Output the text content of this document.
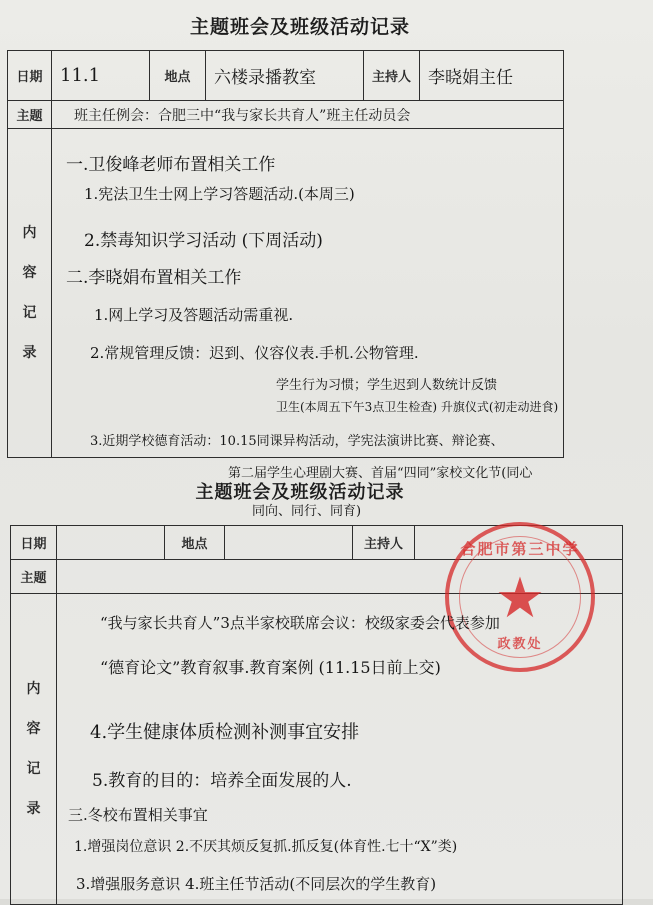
主题班会及班级活动记录
日期	11.1	地点	六楼录播教室	主持人	李晓娟主任
主题	班主任例会：合肥三中“我与家长共育人”班主任动员会				

内
容
记
录					

一.卫俊峰老师布置相关工作
1.宪法卫生士网上学习答题活动.(本周三)
2.禁毒知识学习活动 (下周活动)
二.李晓娟布置相关工作
1.网上学习及答题活动需重视.
2.常规管理反馈：迟到、仪容仪表.手机.公物管理.
学生行为习惯；学生迟到人数统计反馈
卫生(本周五下午3点卫生检查) 升旗仪式(初走动进食)
3.近期学校德育活动：10.15同课异构活动，学宪法演讲比赛、辩论赛、
第二届学生心理剧大赛、首届“四同”家校文化节(同心
同向、同行、同育)
主题班会及班级活动记录
日期		地点		主持人	
主题					

内
容
记
录					

合肥市第三中学
★
政教处
“我与家长共育人”3点半家校联席会议：校级家委会代表参加
“德育论文”教育叙事.教育案例 (11.15日前上交)
4.学生健康体质检测补测事宜安排
5.教育的目的：培养全面发展的人.
三.冬校布置相关事宜
1.增强岗位意识 2.不厌其烦反复抓.抓反复(体育性.七十“X”类)
3.增强服务意识 4.班主任节活动(不同层次的学生教育)
